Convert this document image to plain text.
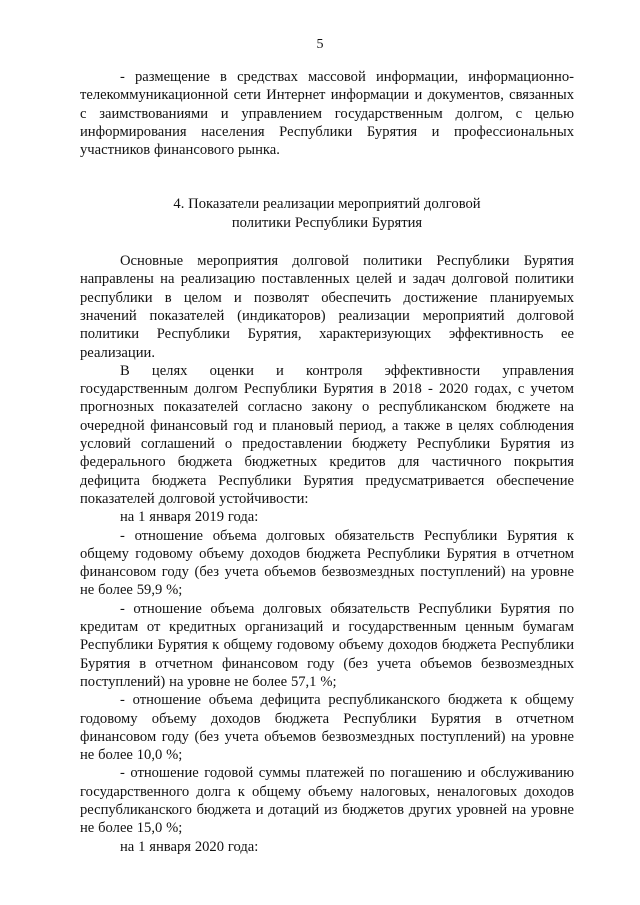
5

- размещение в средствах массовой информации, информационно-телекоммуникационной сети Интернет информации и документов, связанных с заимствованиями и управлением государственным долгом, с целью информирования населения Республики Бурятия и профессиональных участников финансового рынка.

4. Показатели реализации мероприятий долговой

политики Республики Бурятия

Основные мероприятия долговой политики Республики Бурятия направлены на реализацию поставленных целей и задач долговой политики республики в целом и позволят обеспечить достижение планируемых значений показателей (индикаторов) реализации мероприятий долговой политики Республики Бурятия, характеризующих эффективность ее реализации.

В целях оценки и контроля эффективности управления государственным долгом Республики Бурятия в 2018 - 2020 годах, с учетом прогнозных показателей согласно закону о республиканском бюджете на очередной финансовый год и плановый период, а также в целях соблюдения условий соглашений о предоставлении бюджету Республики Бурятия из федерального бюджета бюджетных кредитов для частичного покрытия дефицита бюджета Республики Бурятия предусматривается обеспечение показателей долговой устойчивости:

на 1 января 2019 года:

- отношение объема долговых обязательств Республики Бурятия к общему годовому объему доходов бюджета Республики Бурятия в отчетном финансовом году (без учета объемов безвозмездных поступлений) на уровне не более 59,9 %;

- отношение объема долговых обязательств Республики Бурятия по кредитам от кредитных организаций и государственным ценным бумагам Республики Бурятия к общему годовому объему доходов бюджета Республики Бурятия в отчетном финансовом году (без учета объемов безвозмездных поступлений) на уровне не более 57,1 %;

- отношение объема дефицита республиканского бюджета к общему годовому объему доходов бюджета Республики Бурятия в отчетном финансовом году (без учета объемов безвозмездных поступлений) на уровне не более 10,0 %;

- отношение годовой суммы платежей по погашению и обслуживанию государственного долга к общему объему налоговых, неналоговых доходов республиканского бюджета и дотаций из бюджетов других уровней на уровне не более 15,0 %;

на 1 января 2020 года:
